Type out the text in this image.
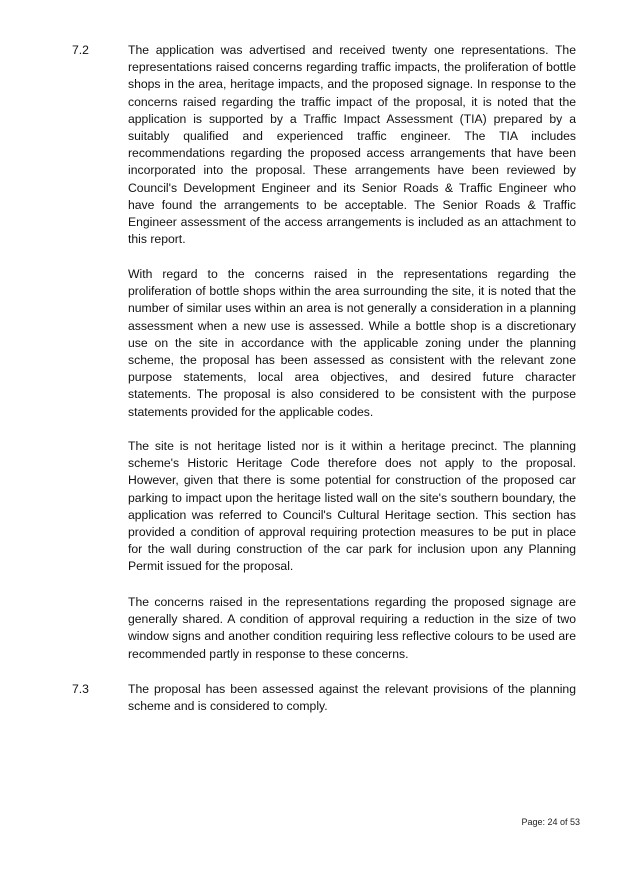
7.2	The application was advertised and received twenty one representations. The representations raised concerns regarding traffic impacts, the proliferation of bottle shops in the area, heritage impacts, and the proposed signage. In response to the concerns raised regarding the traffic impact of the proposal, it is noted that the application is supported by a Traffic Impact Assessment (TIA) prepared by a suitably qualified and experienced traffic engineer. The TIA includes recommendations regarding the proposed access arrangements that have been incorporated into the proposal. These arrangements have been reviewed by Council's Development Engineer and its Senior Roads & Traffic Engineer who have found the arrangements to be acceptable. The Senior Roads & Traffic Engineer assessment of the access arrangements is included as an attachment to this report.

With regard to the concerns raised in the representations regarding the proliferation of bottle shops within the area surrounding the site, it is noted that the number of similar uses within an area is not generally a consideration in a planning assessment when a new use is assessed. While a bottle shop is a discretionary use on the site in accordance with the applicable zoning under the planning scheme, the proposal has been assessed as consistent with the relevant zone purpose statements, local area objectives, and desired future character statements. The proposal is also considered to be consistent with the purpose statements provided for the applicable codes.

The site is not heritage listed nor is it within a heritage precinct. The planning scheme's Historic Heritage Code therefore does not apply to the proposal. However, given that there is some potential for construction of the proposed car parking to impact upon the heritage listed wall on the site's southern boundary, the application was referred to Council's Cultural Heritage section. This section has provided a condition of approval requiring protection measures to be put in place for the wall during construction of the car park for inclusion upon any Planning Permit issued for the proposal.

The concerns raised in the representations regarding the proposed signage are generally shared. A condition of approval requiring a reduction in the size of two window signs and another condition requiring less reflective colours to be used are recommended partly in response to these concerns.

7.3	The proposal has been assessed against the relevant provisions of the planning scheme and is considered to comply.

Page: 24 of 53
